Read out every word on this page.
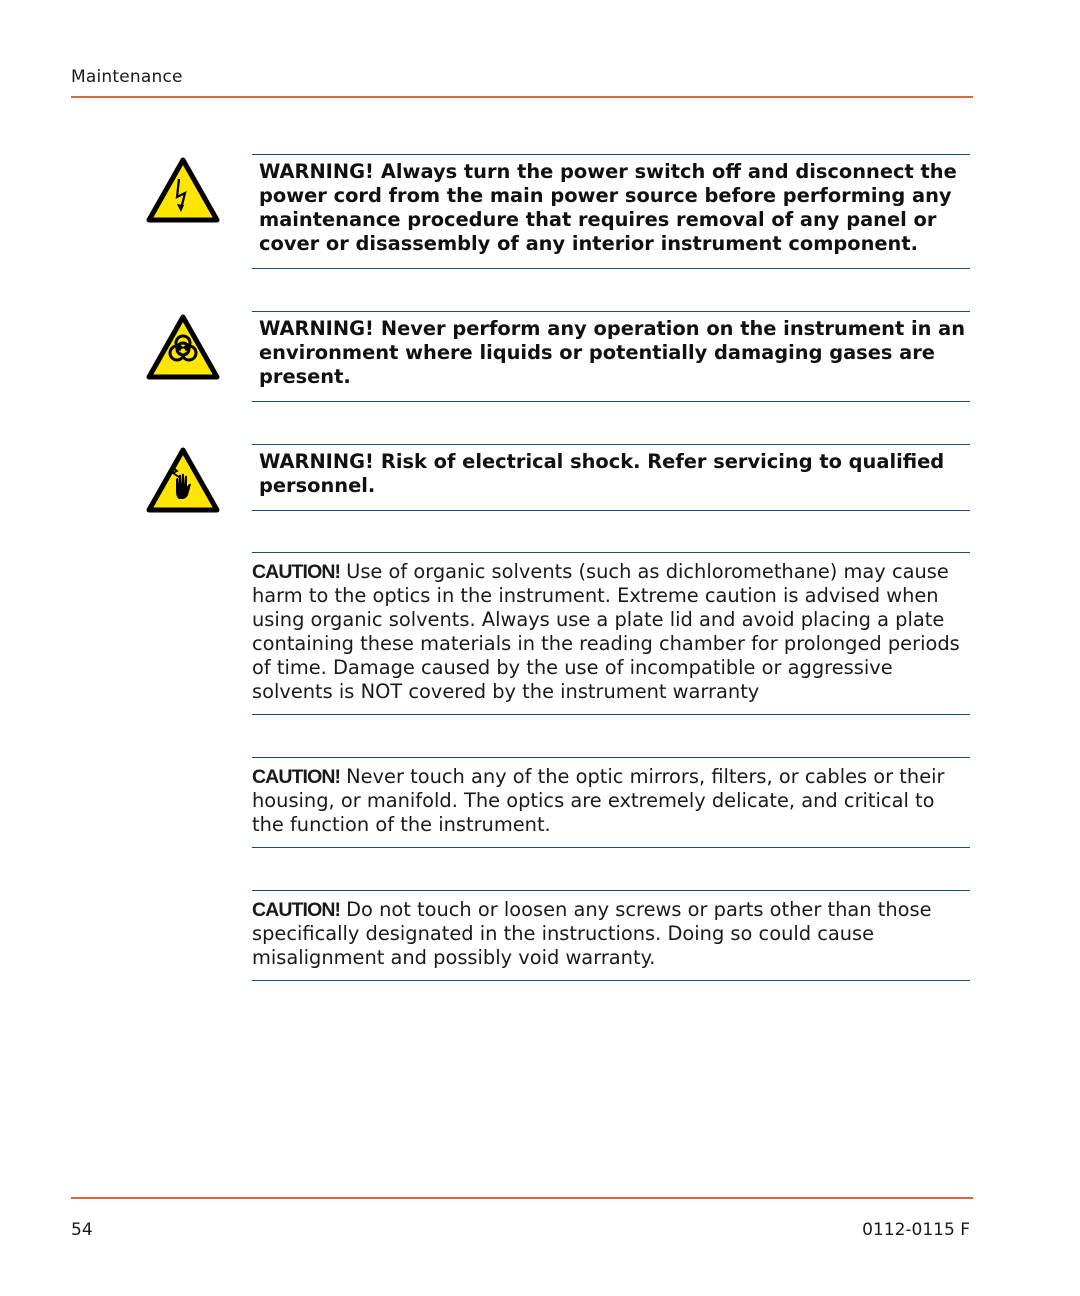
Maintenance
WARNING! Always turn the power switch off and disconnect the power cord from the main power source before performing any maintenance procedure that requires removal of any panel or cover or disassembly of any interior instrument component.
WARNING! Never perform any operation on the instrument in an environment where liquids or potentially damaging gases are present.
WARNING! Risk of electrical shock. Refer servicing to qualified personnel.
CAUTION! Use of organic solvents (such as dichloromethane) may cause harm to the optics in the instrument. Extreme caution is advised when using organic solvents. Always use a plate lid and avoid placing a plate containing these materials in the reading chamber for prolonged periods of time. Damage caused by the use of incompatible or aggressive solvents is NOT covered by the instrument warranty
CAUTION! Never touch any of the optic mirrors, filters, or cables or their housing, or manifold. The optics are extremely delicate, and critical to the function of the instrument.
CAUTION! Do not touch or loosen any screws or parts other than those specifically designated in the instructions. Doing so could cause misalignment and possibly void warranty.
54	0112-0115 F
